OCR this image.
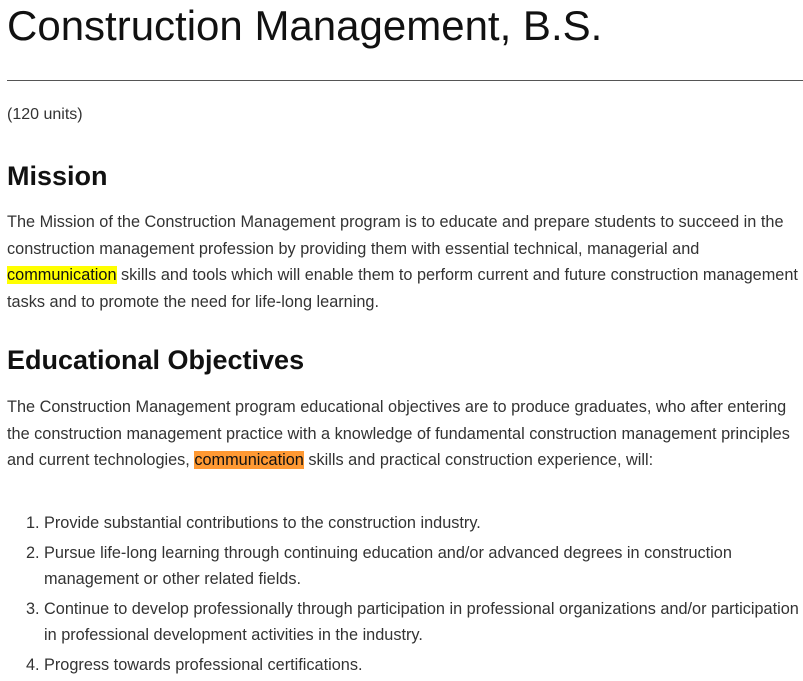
Construction Management, B.S.

(120 units)

Mission

The Mission of the Construction Management program is to educate and prepare students to succeed in the construction management profession by providing them with essential technical, managerial and communication skills and tools which will enable them to perform current and future construction management tasks and to promote the need for life-long learning.

Educational Objectives

The Construction Management program educational objectives are to produce graduates, who after entering the construction management practice with a knowledge of fundamental construction management principles and current technologies, communication skills and practical construction experience, will:

1. Provide substantial contributions to the construction industry.
2. Pursue life-long learning through continuing education and/or advanced degrees in construction management or other related fields.
3. Continue to develop professionally through participation in professional organizations and/or participation in professional development activities in the industry.
4. Progress towards professional certifications.
